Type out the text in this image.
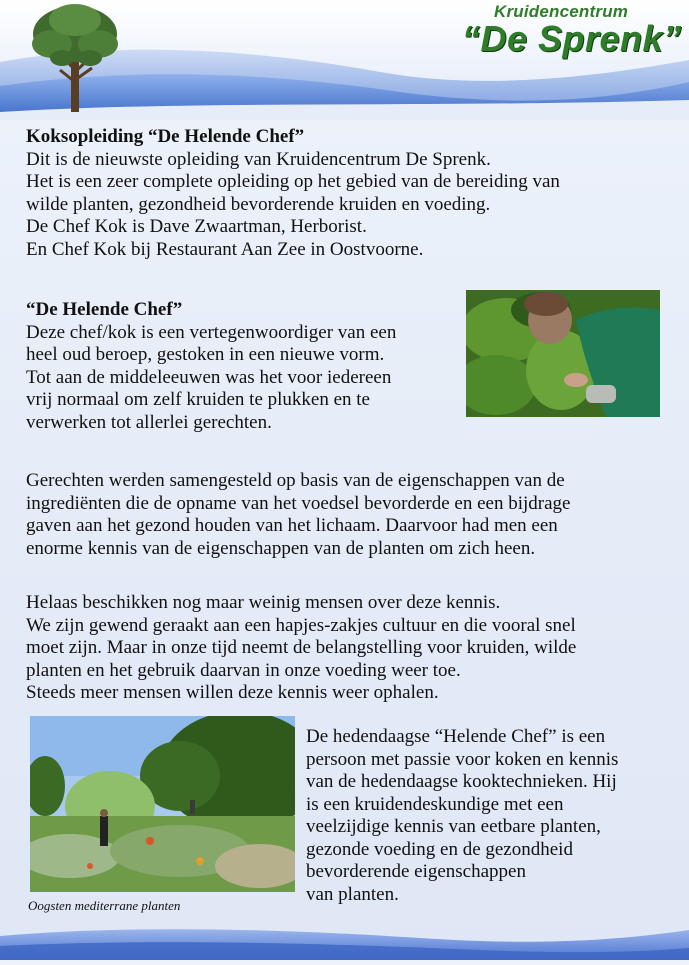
Kruidencentrum
“De Sprenk”

Koksopleiding “De Helende Chef”

Dit is de nieuwste opleiding van Kruidencentrum De Sprenk.

Het is een zeer complete opleiding op het gebied van de bereiding van

wilde planten, gezondheid bevorderende kruiden en voeding.

De Chef Kok is Dave Zwaartman, Herborist.

En Chef Kok bij Restaurant Aan Zee in Oostvoorne.

“De Helende Chef”

Deze chef/kok is een vertegenwoordiger van een

heel oud beroep, gestoken in een nieuwe vorm.

Tot aan de middeleeuwen was het voor iedereen

vrij normaal om zelf kruiden te plukken en te

verwerken tot allerlei gerechten.

Gerechten werden samengesteld op basis van de eigenschappen van de

ingrediënten die de opname van het voedsel bevorderde en een bijdrage

gaven aan het gezond houden van het lichaam. Daarvoor had men een

enorme kennis van de eigenschappen van de planten om zich heen.

Helaas beschikken nog maar weinig mensen over deze kennis.

We zijn gewend geraakt aan een hapjes-zakjes cultuur en die vooral snel

moet zijn. Maar in onze tijd neemt de belangstelling voor kruiden, wilde

planten en het gebruik daarvan in onze voeding weer toe.

Steeds meer mensen willen deze kennis weer ophalen.

Oogsten mediterrane planten

De hedendaagse “Helende Chef” is een

persoon met passie voor koken en kennis

van de hedendaagse kooktechnieken. Hij

is een kruidendeskundige met een

veelzijdige kennis van eetbare planten,

gezonde voeding en de gezondheid

bevorderende eigenschappen

van planten.
